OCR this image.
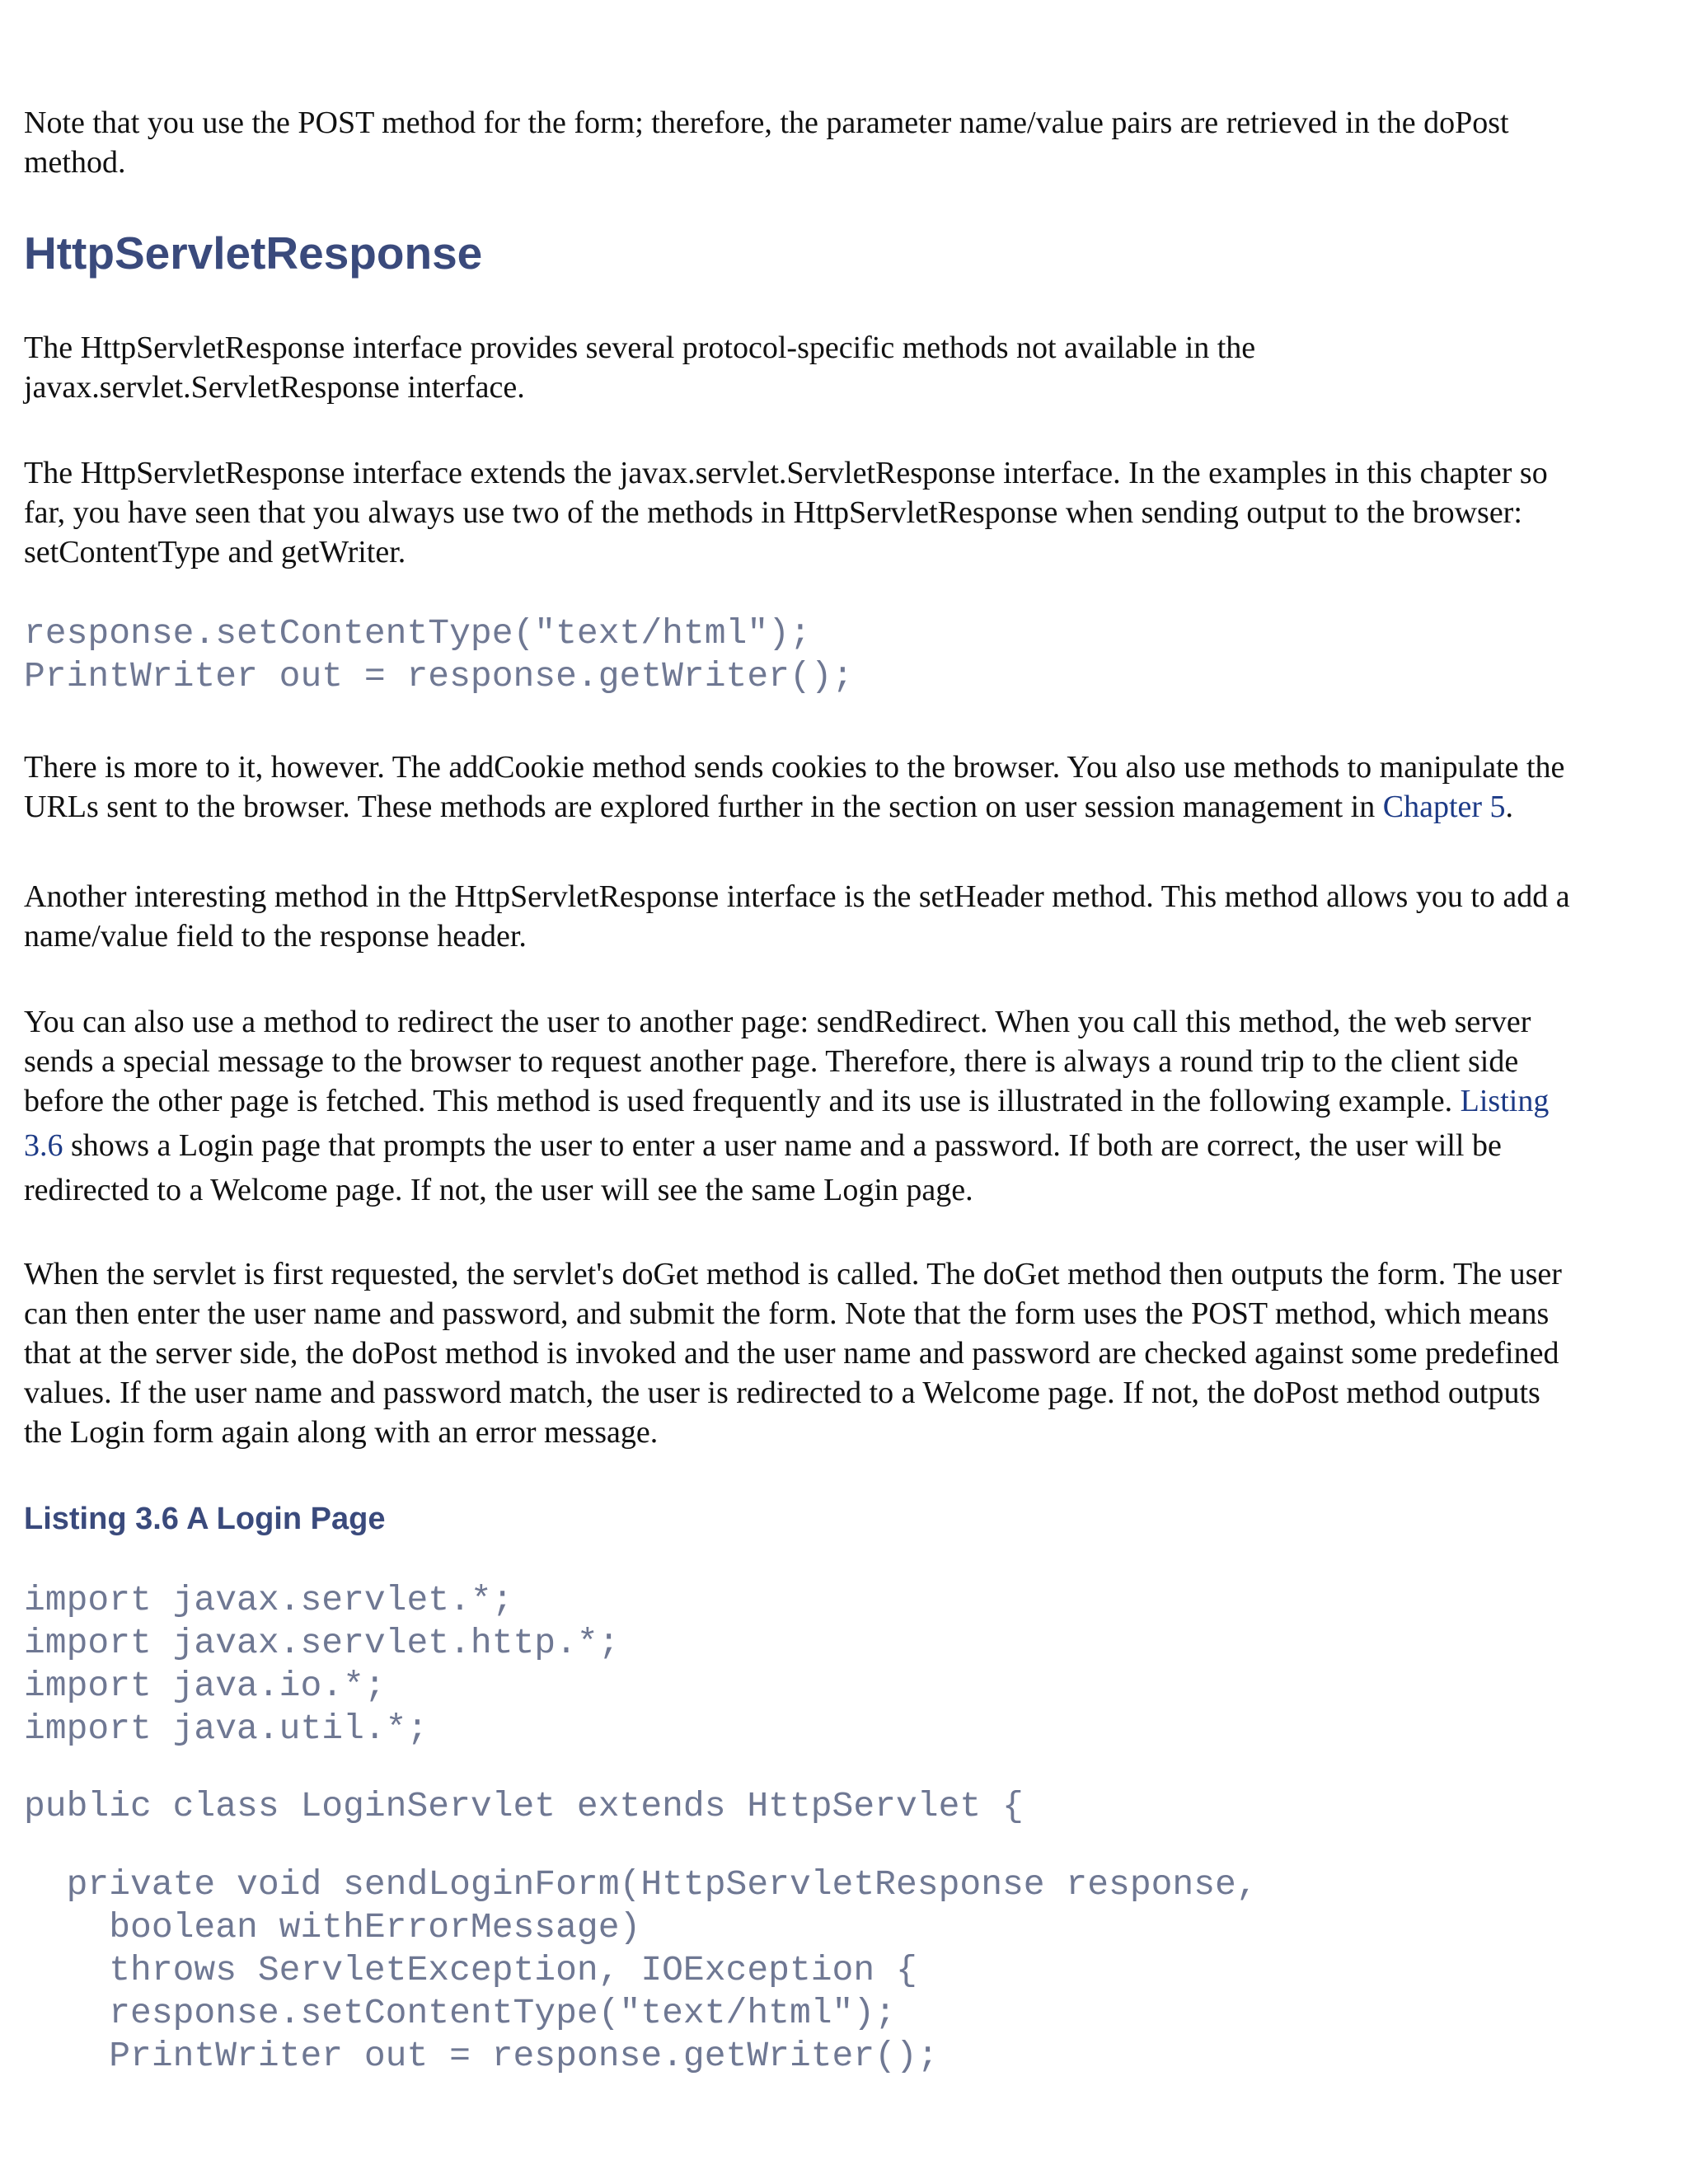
Note that you use the POST method for the form; therefore, the parameter name/value pairs are retrieved in the doPost

method.

HttpServletResponse

The HttpServletResponse interface provides several protocol-specific methods not available in the

javax.servlet.ServletResponse interface.

The HttpServletResponse interface extends the javax.servlet.ServletResponse interface. In the examples in this chapter so

far, you have seen that you always use two of the methods in HttpServletResponse when sending output to the browser:

setContentType and getWriter.

response.setContentType("text/html");
PrintWriter out = response.getWriter();

There is more to it, however. The addCookie method sends cookies to the browser. You also use methods to manipulate the

URLs sent to the browser. These methods are explored further in the section on user session management in Chapter 5.

Another interesting method in the HttpServletResponse interface is the setHeader method. This method allows you to add a

name/value field to the response header.

You can also use a method to redirect the user to another page: sendRedirect. When you call this method, the web server

sends a special message to the browser to request another page. Therefore, there is always a round trip to the client side

before the other page is fetched. This method is used frequently and its use is illustrated in the following example. Listing

3.6 shows a Login page that prompts the user to enter a user name and a password. If both are correct, the user will be

redirected to a Welcome page. If not, the user will see the same Login page.

When the servlet is first requested, the servlet's doGet method is called. The doGet method then outputs the form. The user

can then enter the user name and password, and submit the form. Note that the form uses the POST method, which means

that at the server side, the doPost method is invoked and the user name and password are checked against some predefined

values. If the user name and password match, the user is redirected to a Welcome page. If not, the doPost method outputs

the Login form again along with an error message.

Listing 3.6 A Login Page
import javax.servlet.*;
import javax.servlet.http.*;
import java.io.*;
import java.util.*;
public class LoginServlet extends HttpServlet {
private void sendLoginForm(HttpServletResponse response,
boolean withErrorMessage)
throws ServletException, IOException {
response.setContentType("text/html");
PrintWriter out = response.getWriter();
